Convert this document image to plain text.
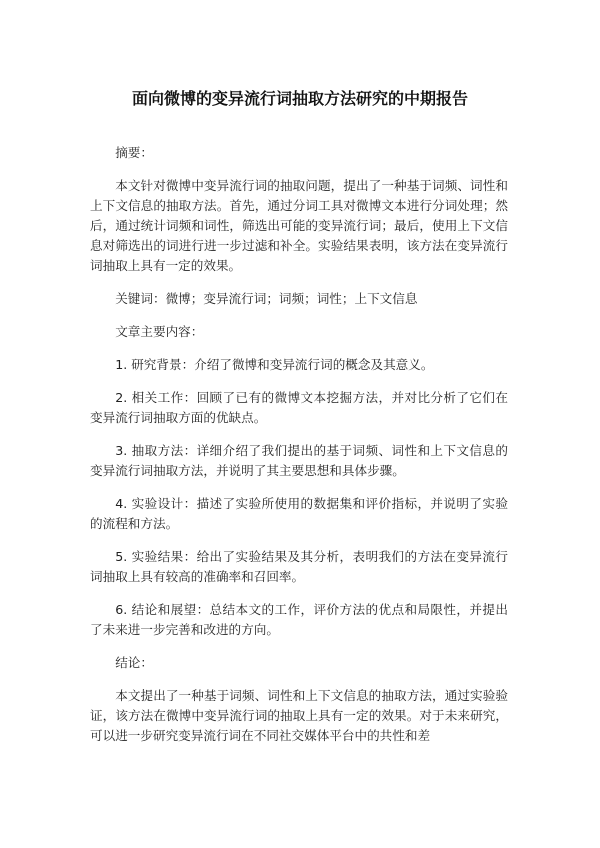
面向微博的变异流行词抽取方法研究的中期报告

摘要：

本文针对微博中变异流行词的抽取问题，提出了一种基于词频、词性和上下文信息的抽取方法。首先，通过分词工具对微博文本进行分词处理；然后，通过统计词频和词性，筛选出可能的变异流行词；最后，使用上下文信息对筛选出的词进行进一步过滤和补全。实验结果表明，该方法在变异流行词抽取上具有一定的效果。

关键词：微博；变异流行词；词频；词性；上下文信息

文章主要内容：

1. 研究背景：介绍了微博和变异流行词的概念及其意义。

2. 相关工作：回顾了已有的微博文本挖掘方法，并对比分析了它们在变异流行词抽取方面的优缺点。

3. 抽取方法：详细介绍了我们提出的基于词频、词性和上下文信息的变异流行词抽取方法，并说明了其主要思想和具体步骤。

4. 实验设计：描述了实验所使用的数据集和评价指标，并说明了实验的流程和方法。

5. 实验结果：给出了实验结果及其分析，表明我们的方法在变异流行词抽取上具有较高的准确率和召回率。

6. 结论和展望：总结本文的工作，评价方法的优点和局限性，并提出了未来进一步完善和改进的方向。

结论：

本文提出了一种基于词频、词性和上下文信息的抽取方法，通过实验验证，该方法在微博中变异流行词的抽取上具有一定的效果。对于未来研究，可以进一步研究变异流行词在不同社交媒体平台中的共性和差
